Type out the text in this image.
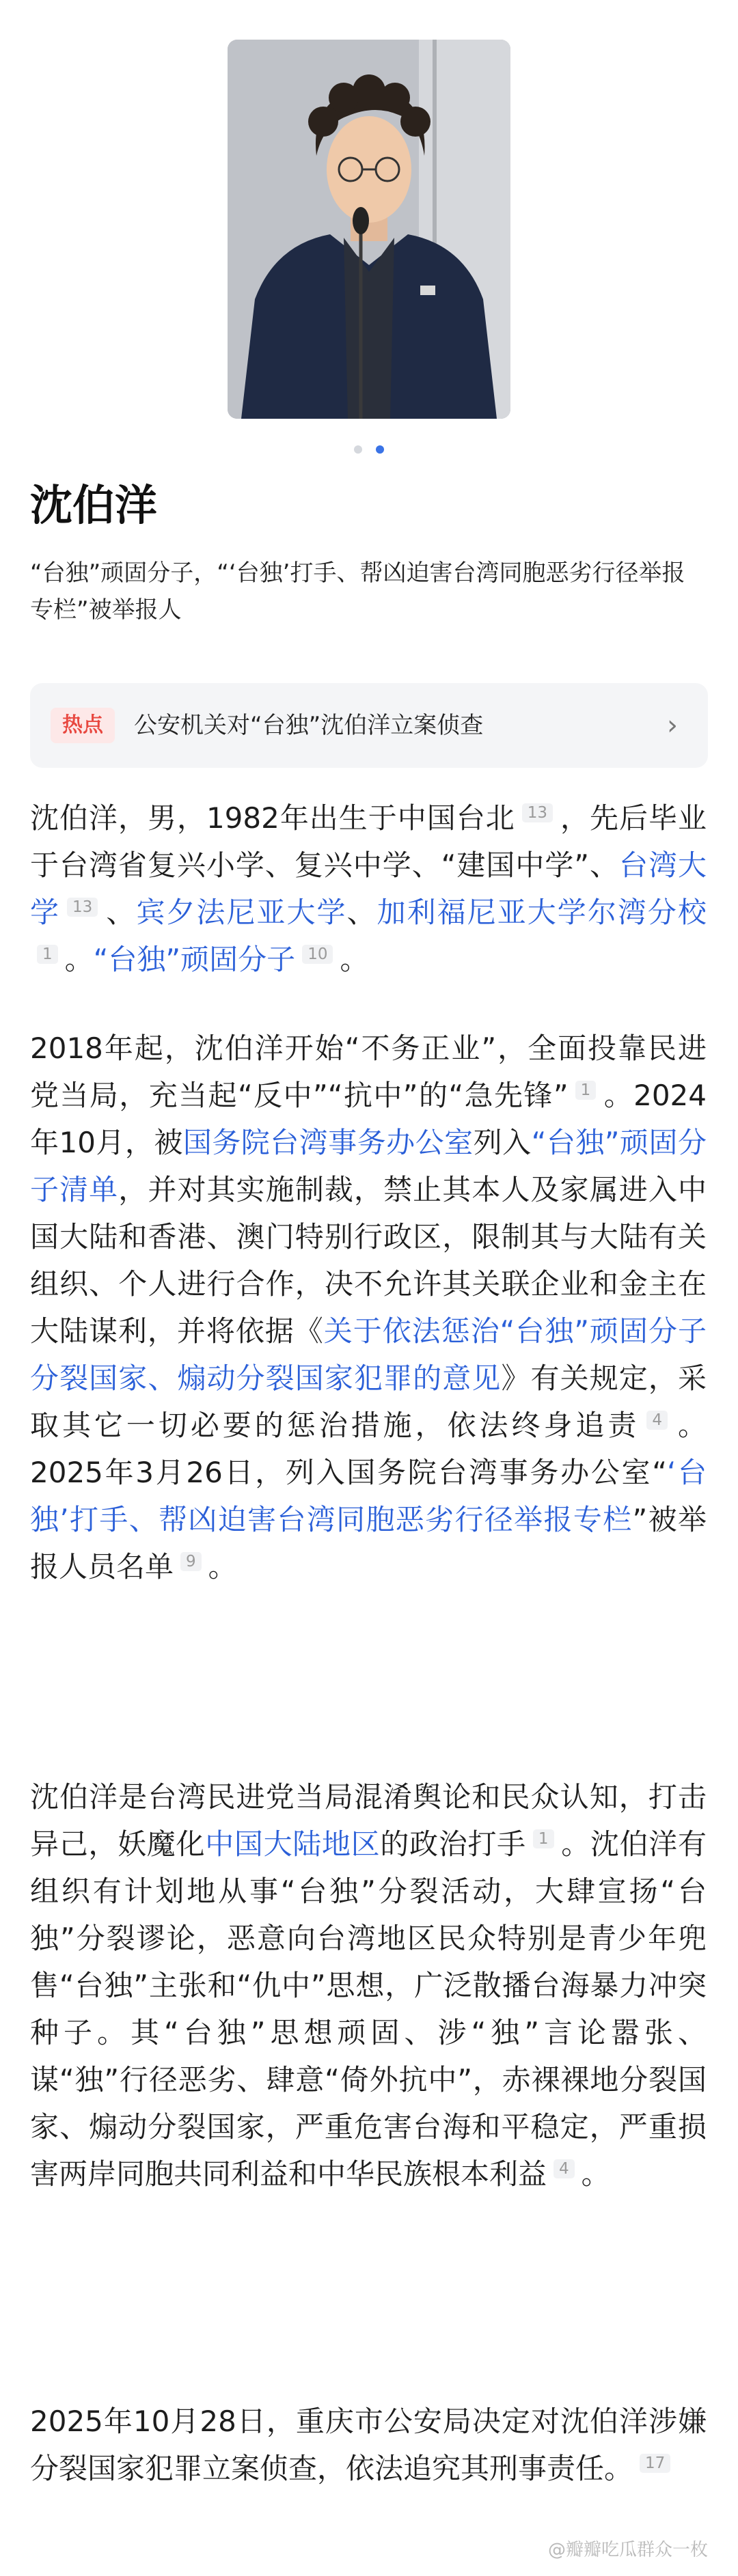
沈伯洋

“台独”顽固分子，“‘台独’打手、帮凶迫害台湾同胞恶劣行径举报专栏”被举报人

热点	公安机关对“台独”沈伯洋立案侦查	›

沈伯洋，男，1982年出生于中国台北 13 ，先后毕业于台湾省复兴小学、复兴中学、“建国中学”、台湾大学 13 、宾夕法尼亚大学、加利福尼亚大学尔湾分校1 。“台独”顽固分子 10 。

2018年起，沈伯洋开始“不务正业”，全面投靠民进党当局，充当起“反中”“抗中”的“急先锋” 1 。2024年10月，被国务院台湾事务办公室列入“台独”顽固分子清单，并对其实施制裁，禁止其本人及家属进入中国大陆和香港、澳门特别行政区，限制其与大陆有关组织、个人进行合作，决不允许其关联企业和金主在大陆谋利，并将依据《关于依法惩治“台独”顽固分子分裂国家、煽动分裂国家犯罪的意见》有关规定，采取其它一切必要的惩治措施，依法终身追责 4 。2025年3月26日，列入国务院台湾事务办公室“‘台独’打手、帮凶迫害台湾同胞恶劣行径举报专栏”被举报人员名单 9 。

沈伯洋是台湾民进党当局混淆舆论和民众认知，打击异己，妖魔化中国大陆地区的政治打手 1 。沈伯洋有组织有计划地从事“台独”分裂活动，大肆宣扬“台独”分裂谬论，恶意向台湾地区民众特别是青少年兜售“台独”主张和“仇中”思想，广泛散播台海暴力冲突种子。其“台独”思想顽固、涉“独”言论嚣张、谋“独”行径恶劣、肆意“倚外抗中”，赤裸裸地分裂国家、煽动分裂国家，严重危害台海和平稳定，严重损害两岸同胞共同利益和中华民族根本利益 4 。

2025年10月28日，重庆市公安局决定对沈伯洋涉嫌分裂国家犯罪立案侦查，依法追究其刑事责任。 17

@瓣瓣吃瓜群众一枚
